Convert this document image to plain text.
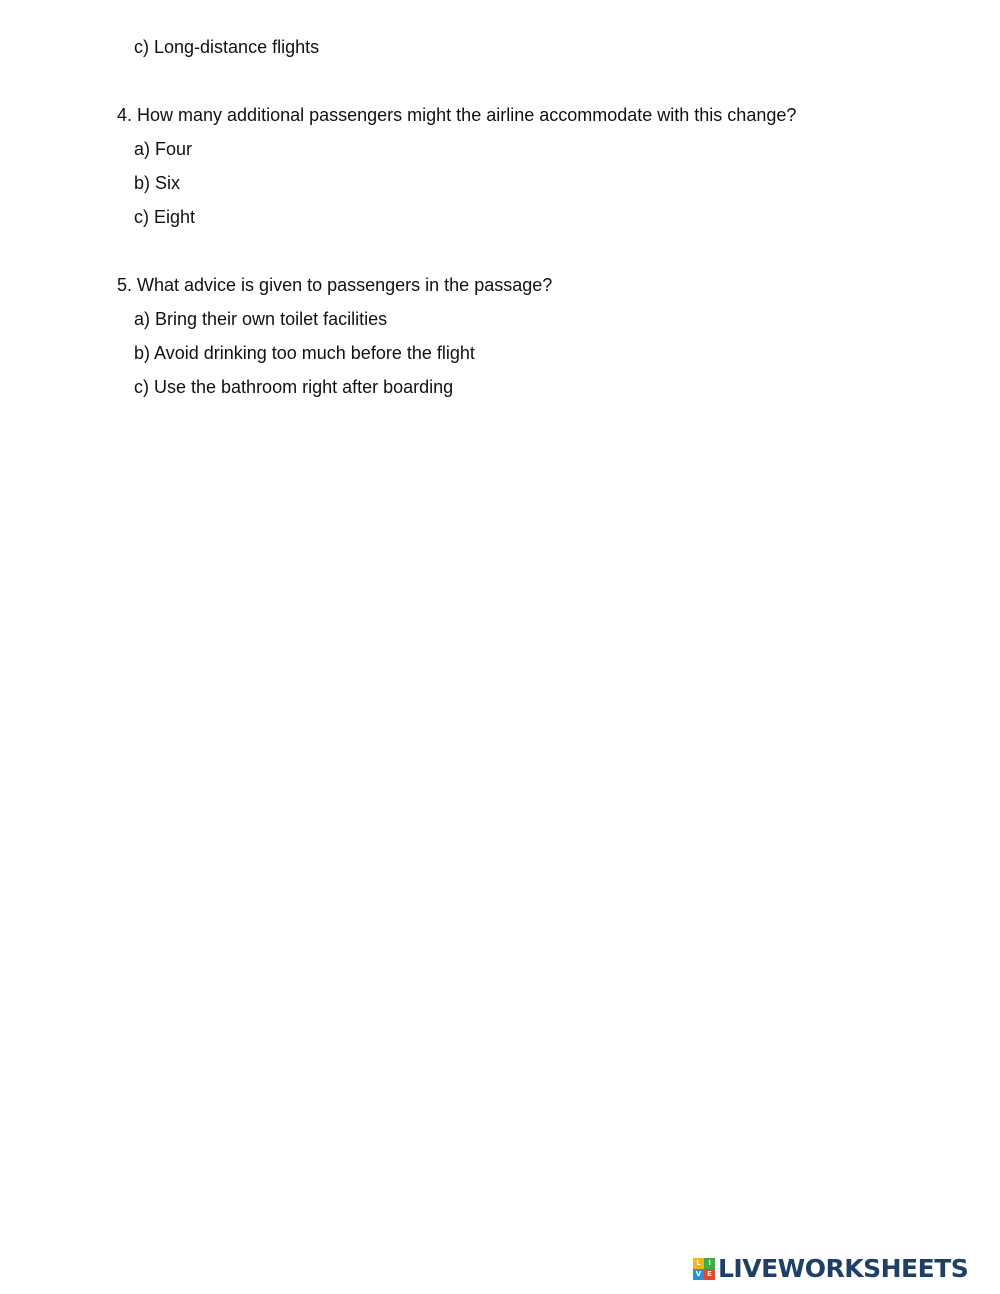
c) Long-distance flights
4. How many additional passengers might the airline accommodate with this change?
a) Four
b) Six
c) Eight
5. What advice is given to passengers in the passage?
a) Bring their own toilet facilities
b) Avoid drinking too much before the flight
c) Use the bathroom right after boarding
L	I
V E LIVEWORKSHEETS
